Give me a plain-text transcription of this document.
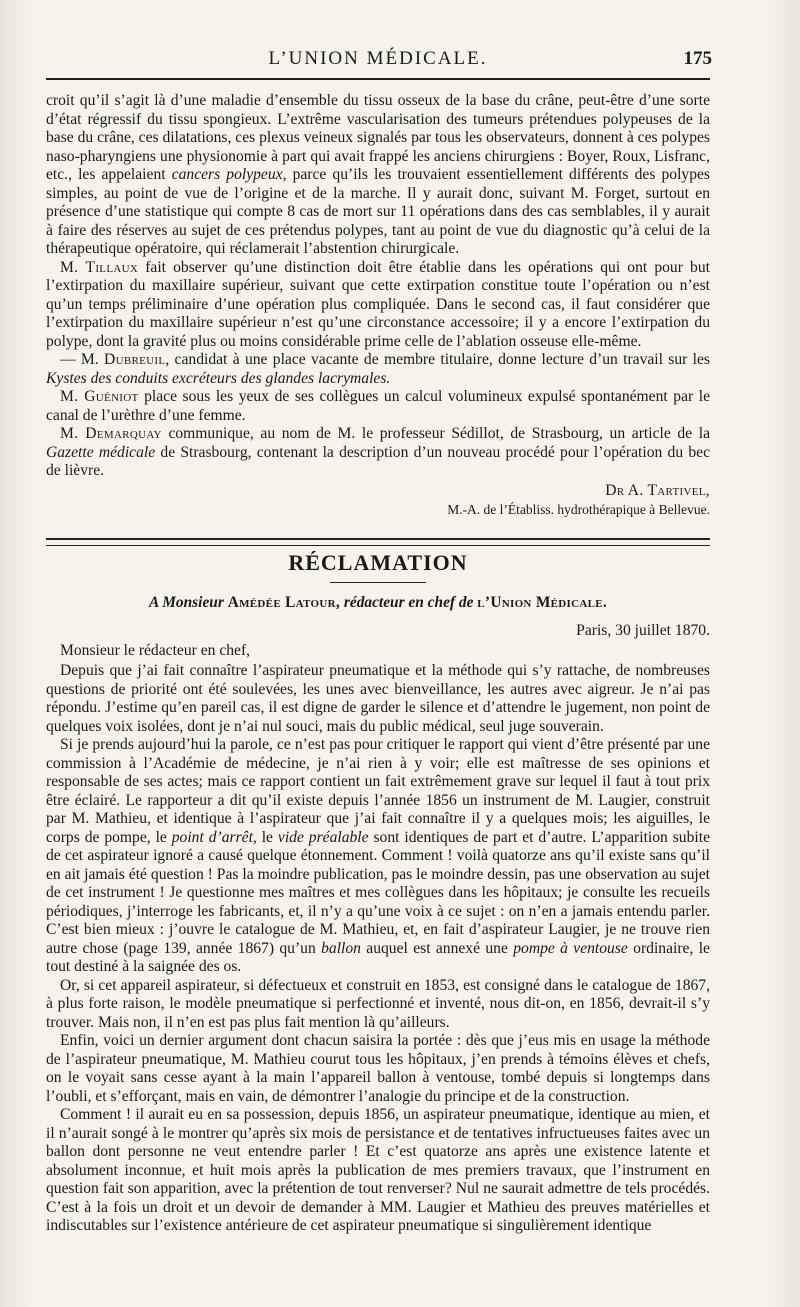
L’UNION MÉDICALE.	175

croit qu’il s’agit là d’une maladie d’ensemble du tissu osseux de la base du crâne, peut-être d’une sorte d’état régressif du tissu spongieux. L’extrême vascularisation des tumeurs prétendues polypeuses de la base du crâne, ces dilatations, ces plexus veineux signalés par tous les observateurs, donnent à ces polypes naso-pharyngiens une physionomie à part qui avait frappé les anciens chirurgiens : Boyer, Roux, Lisfranc, etc., les appelaient cancers polypeux, parce qu’ils les trouvaient essentiellement différents des polypes simples, au point de vue de l’origine et de la marche. Il y aurait donc, suivant M. Forget, surtout en présence d’une statistique qui compte 8 cas de mort sur 11 opérations dans des cas semblables, il y aurait à faire des réserves au sujet de ces prétendus polypes, tant au point de vue du diagnostic qu’à celui de la thérapeutique opératoire, qui réclamerait l’abstention chirurgicale.

M. Tillaux fait observer qu’une distinction doit être établie dans les opérations qui ont pour but l’extirpation du maxillaire supérieur, suivant que cette extirpation constitue toute l’opération ou n’est qu’un temps préliminaire d’une opération plus compliquée. Dans le second cas, il faut considérer que l’extirpation du maxillaire supérieur n’est qu’une circonstance accessoire; il y a encore l’extirpation du polype, dont la gravité plus ou moins considérable prime celle de l’ablation osseuse elle-même.

— M. Dubreuil, candidat à une place vacante de membre titulaire, donne lecture d’un travail sur les Kystes des conduits excréteurs des glandes lacrymales.

M. Guéniot place sous les yeux de ses collègues un calcul volumineux expulsé spontanément par le canal de l’urèthre d’une femme.

M. Demarquay communique, au nom de M. le professeur Sédillot, de Strasbourg, un article de la Gazette médicale de Strasbourg, contenant la description d’un nouveau procédé pour l’opération du bec de lièvre.

Dr A. Tartivel,
M.-A. de l’Établiss. hydrothérapique à Bellevue.
RÉCLAMATION
A Monsieur Amédée Latour, rédacteur en chef de l’Union Médicale.
Paris, 30 juillet 1870.
Monsieur le rédacteur en chef,

Depuis que j’ai fait connaître l’aspirateur pneumatique et la méthode qui s’y rattache, de nombreuses questions de priorité ont été soulevées, les unes avec bienveillance, les autres avec aigreur. Je n’ai pas répondu. J’estime qu’en pareil cas, il est digne de garder le silence et d’attendre le jugement, non point de quelques voix isolées, dont je n’ai nul souci, mais du public médical, seul juge souverain.

Si je prends aujourd’hui la parole, ce n’est pas pour critiquer le rapport qui vient d’être présenté par une commission à l’Académie de médecine, je n’ai rien à y voir; elle est maîtresse de ses opinions et responsable de ses actes; mais ce rapport contient un fait extrêmement grave sur lequel il faut à tout prix être éclairé. Le rapporteur a dit qu’il existe depuis l’année 1856 un instrument de M. Laugier, construit par M. Mathieu, et identique à l’aspirateur que j’ai fait connaître il y a quelques mois; les aiguilles, le corps de pompe, le point d’arrêt, le vide préalable sont identiques de part et d’autre. L’apparition subite de cet aspirateur ignoré a causé quelque étonnement. Comment ! voilà quatorze ans qu’il existe sans qu’il en ait jamais été question ! Pas la moindre publication, pas le moindre dessin, pas une observation au sujet de cet instrument ! Je questionne mes maîtres et mes collègues dans les hôpitaux; je consulte les recueils périodiques, j’interroge les fabricants, et, il n’y a qu’une voix à ce sujet : on n’en a jamais entendu parler. C’est bien mieux : j’ouvre le catalogue de M. Mathieu, et, en fait d’aspirateur Laugier, je ne trouve rien autre chose (page 139, année 1867) qu’un ballon auquel est annexé une pompe à ventouse ordinaire, le tout destiné à la saignée des os.

Or, si cet appareil aspirateur, si défectueux et construit en 1853, est consigné dans le catalogue de 1867, à plus forte raison, le modèle pneumatique si perfectionné et inventé, nous dit-on, en 1856, devrait-il s’y trouver. Mais non, il n’en est pas plus fait mention là qu’ailleurs.

Enfin, voici un dernier argument dont chacun saisira la portée : dès que j’eus mis en usage la méthode de l’aspirateur pneumatique, M. Mathieu courut tous les hôpitaux, j’en prends à témoins élèves et chefs, on le voyait sans cesse ayant à la main l’appareil ballon à ventouse, tombé depuis si longtemps dans l’oubli, et s’efforçant, mais en vain, de démontrer l’analogie du principe et de la construction.

Comment ! il aurait eu en sa possession, depuis 1856, un aspirateur pneumatique, identique au mien, et il n’aurait songé à le montrer qu’après six mois de persistance et de tentatives infructueuses faites avec un ballon dont personne ne veut entendre parler ! Et c’est quatorze ans après une existence latente et absolument inconnue, et huit mois après la publication de mes premiers travaux, que l’instrument en question fait son apparition, avec la prétention de tout renverser? Nul ne saurait admettre de tels procédés. C’est à la fois un droit et un devoir de demander à MM. Laugier et Mathieu des preuves matérielles et indiscutables sur l’existence antérieure de cet aspirateur pneumatique si singulièrement identique
